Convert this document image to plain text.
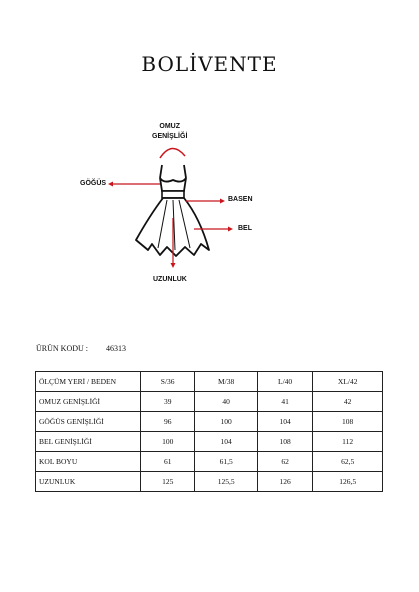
BOLİVENTE
OMUZ
GENİŞLİĞİ
GÖĞÜS
BASEN
BEL
UZUNLUK
ÜRÜN KODU : 46313
ÖLÇÜM YERİ / BEDEN	S/36	M/38	L/40	XL/42
OMUZ GENİŞLİĞİ	39	40	41	42
GÖĞÜS GENİŞLİĞİ	96	100	104	108
BEL GENİŞLİĞİ	100	104	108	112
KOL BOYU	61	61,5	62	62,5
UZUNLUK	125	125,5	126	126,5
